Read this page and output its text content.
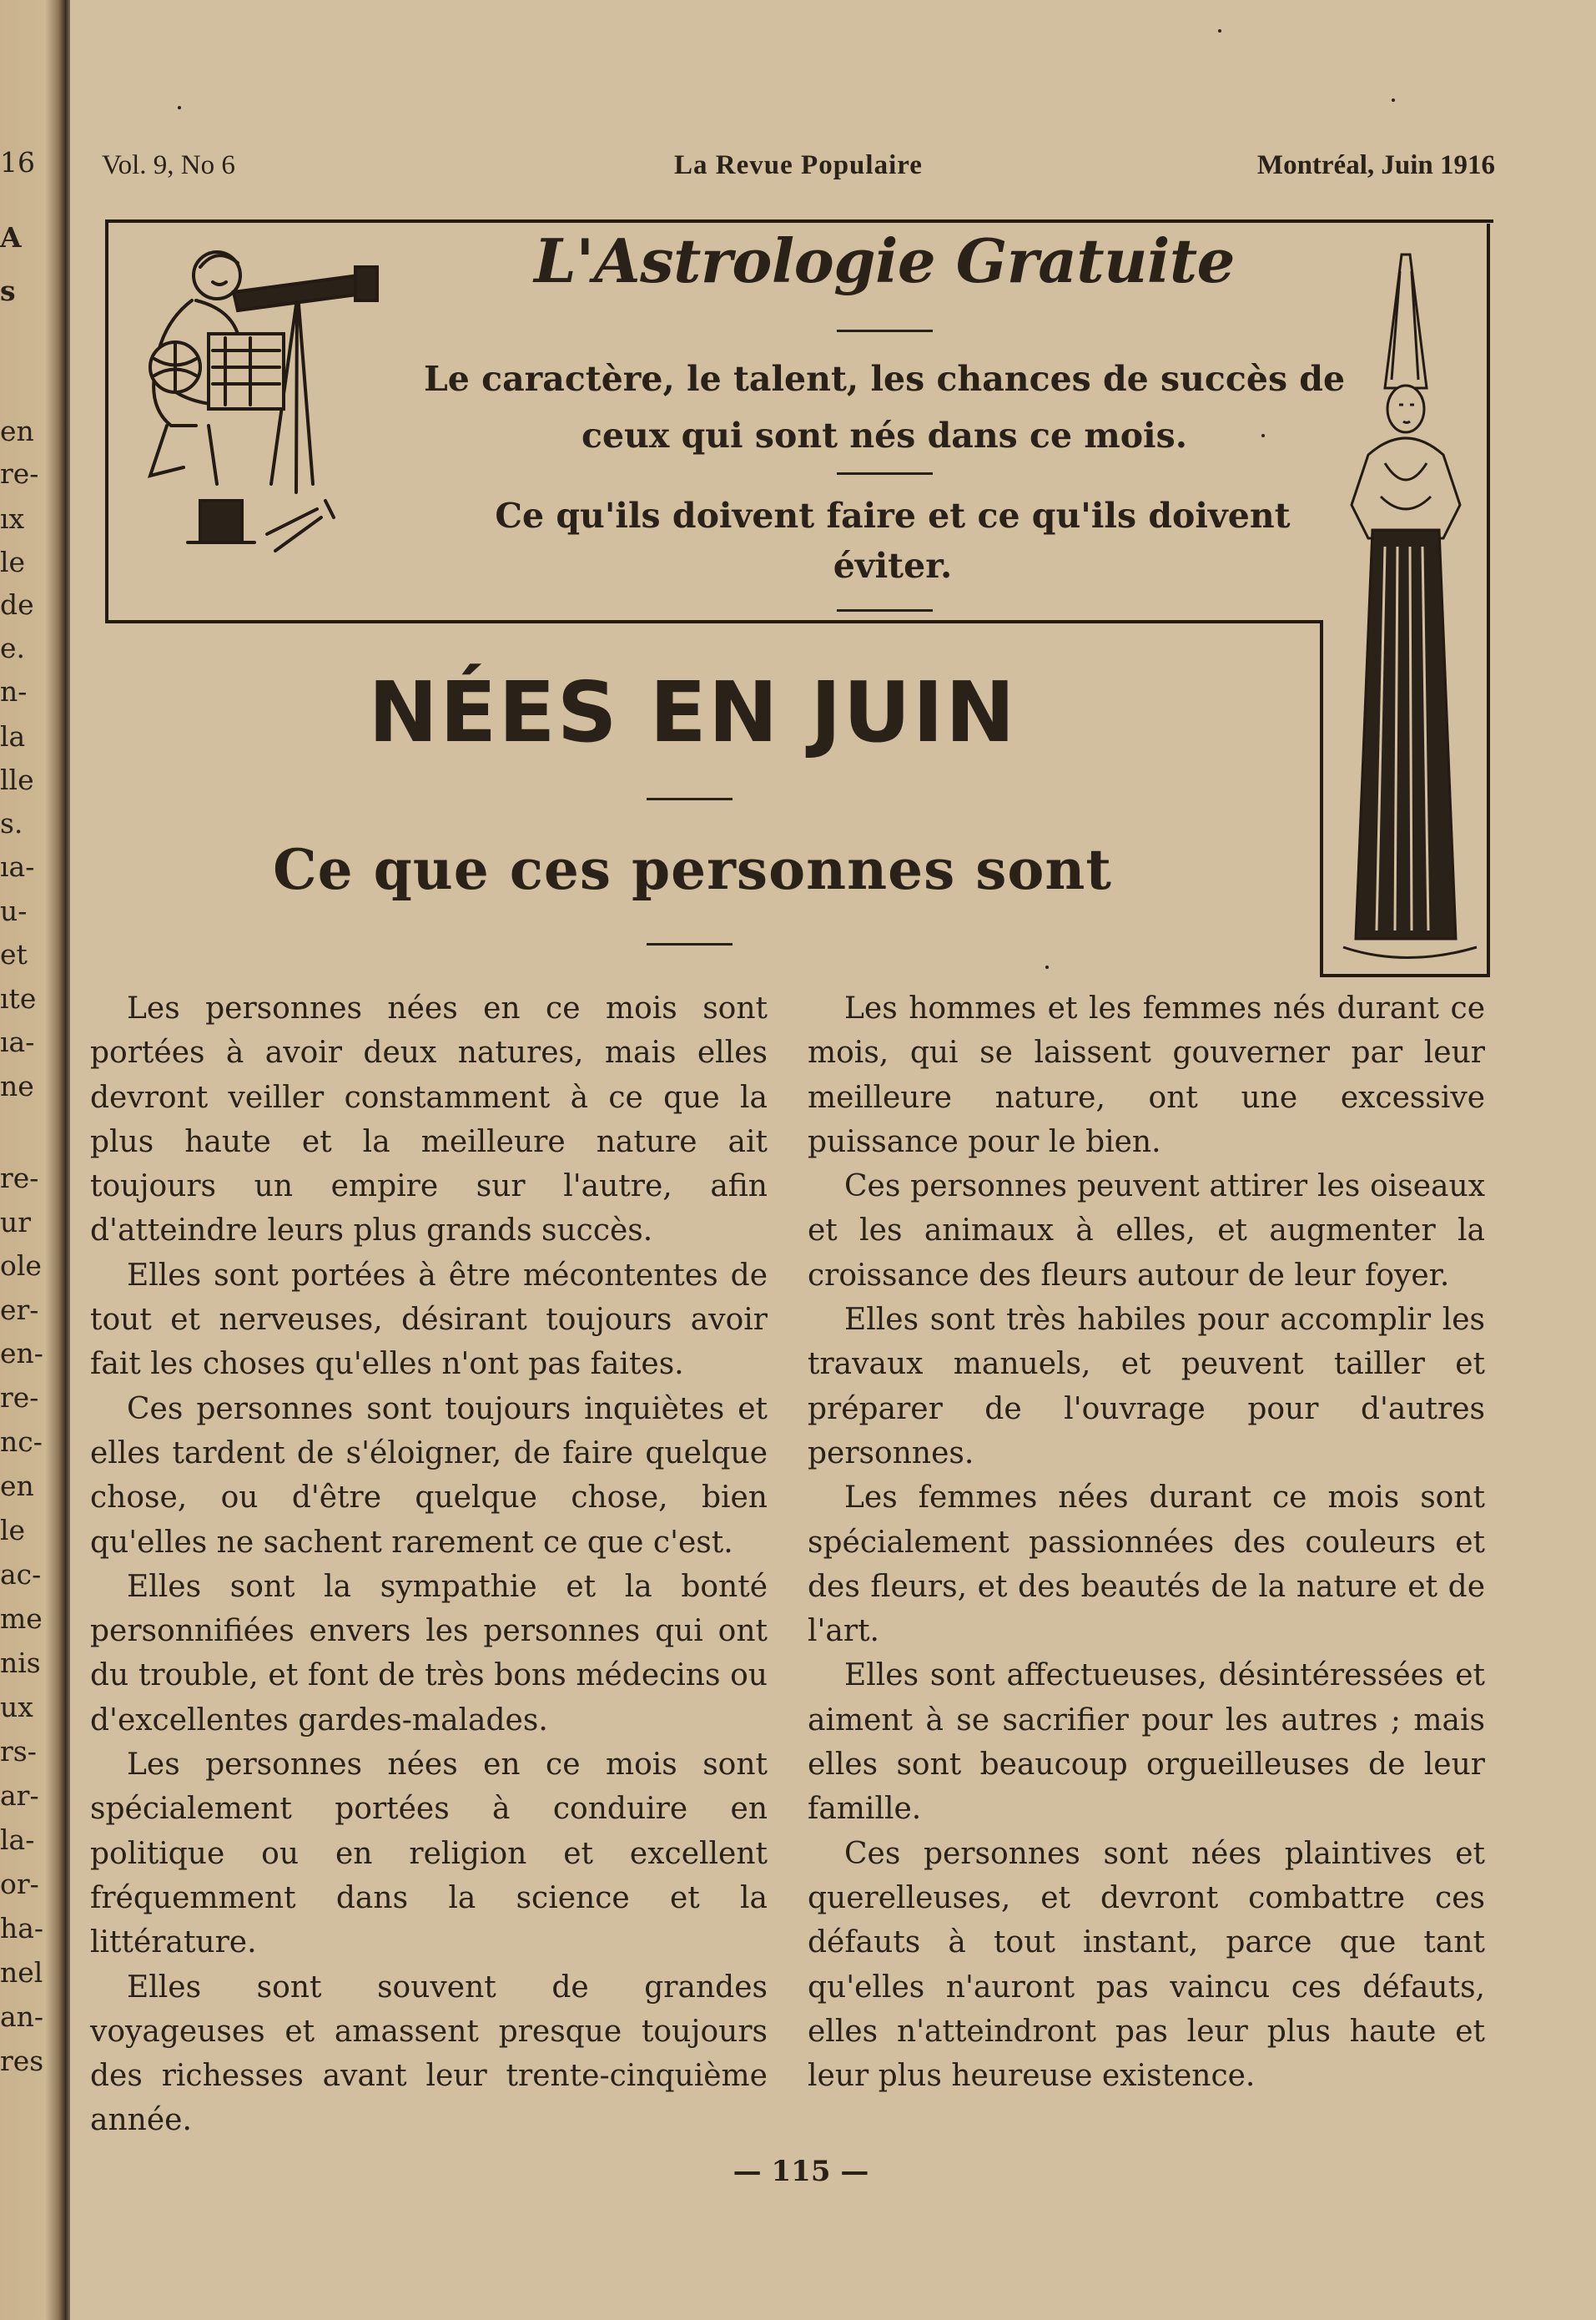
16
A
s
en
re-
ıx
le
de
e.
n-
la
lle
s.
ıa-
u-
et
ıte
ıa-
ne
re-
ur
ole
er-
en-
re-
nc-
en
le
ac-
me
nis
ux
rs-
ar-
la-
or-
ha-
nel
an-
res
Vol. 9, No 6	La Revue Populaire	Montréal, Juin 1916
L'Astrologie Gratuite
Le caractère, le talent, les chances de succès de ceux qui sont nés dans ce mois.
Ce qu'ils doivent faire et ce qu'ils doivent éviter.
NÉES EN JUIN
Ce que ces personnes sont

Les personnes nées en ce mois sont portées à avoir deux natures, mais elles devront veiller constamment à ce que la plus haute et la meilleure nature ait toujours un empire sur l'autre, afin d'atteindre leurs plus grands succès.

Elles sont portées à être mécontentes de tout et nerveuses, désirant toujours avoir fait les choses qu'elles n'ont pas faites.

Ces personnes sont toujours inquiètes et elles tardent de s'éloigner, de faire quelque chose, ou d'être quelque chose, bien qu'elles ne sachent rarement ce que c'est.

Elles sont la sympathie et la bonté personnifiées envers les personnes qui ont du trouble, et font de très bons médecins ou d'excellentes gardes-malades.

Les personnes nées en ce mois sont spécialement portées à conduire en politique ou en religion et excellent fréquemment dans la science et la littérature.

Elles sont souvent de grandes voyageuses et amassent presque toujours des richesses avant leur trente-cinquième année.

Les hommes et les femmes nés durant ce mois, qui se laissent gouverner par leur meilleure nature, ont une excessive puissance pour le bien.

Ces personnes peuvent attirer les oiseaux et les animaux à elles, et augmenter la croissance des fleurs autour de leur foyer.

Elles sont très habiles pour accomplir les travaux manuels, et peuvent tailler et préparer de l'ouvrage pour d'autres personnes.

Les femmes nées durant ce mois sont spécialement passionnées des couleurs et des fleurs, et des beautés de la nature et de l'art.

Elles sont affectueuses, désintéressées et aiment à se sacrifier pour les autres ; mais elles sont beaucoup orgueilleuses de leur famille.

Ces personnes sont nées plaintives et querelleuses, et devront combattre ces défauts à tout instant, parce que tant qu'elles n'auront pas vaincu ces défauts, elles n'atteindront pas leur plus haute et leur plus heureuse existence.

— 115 —
